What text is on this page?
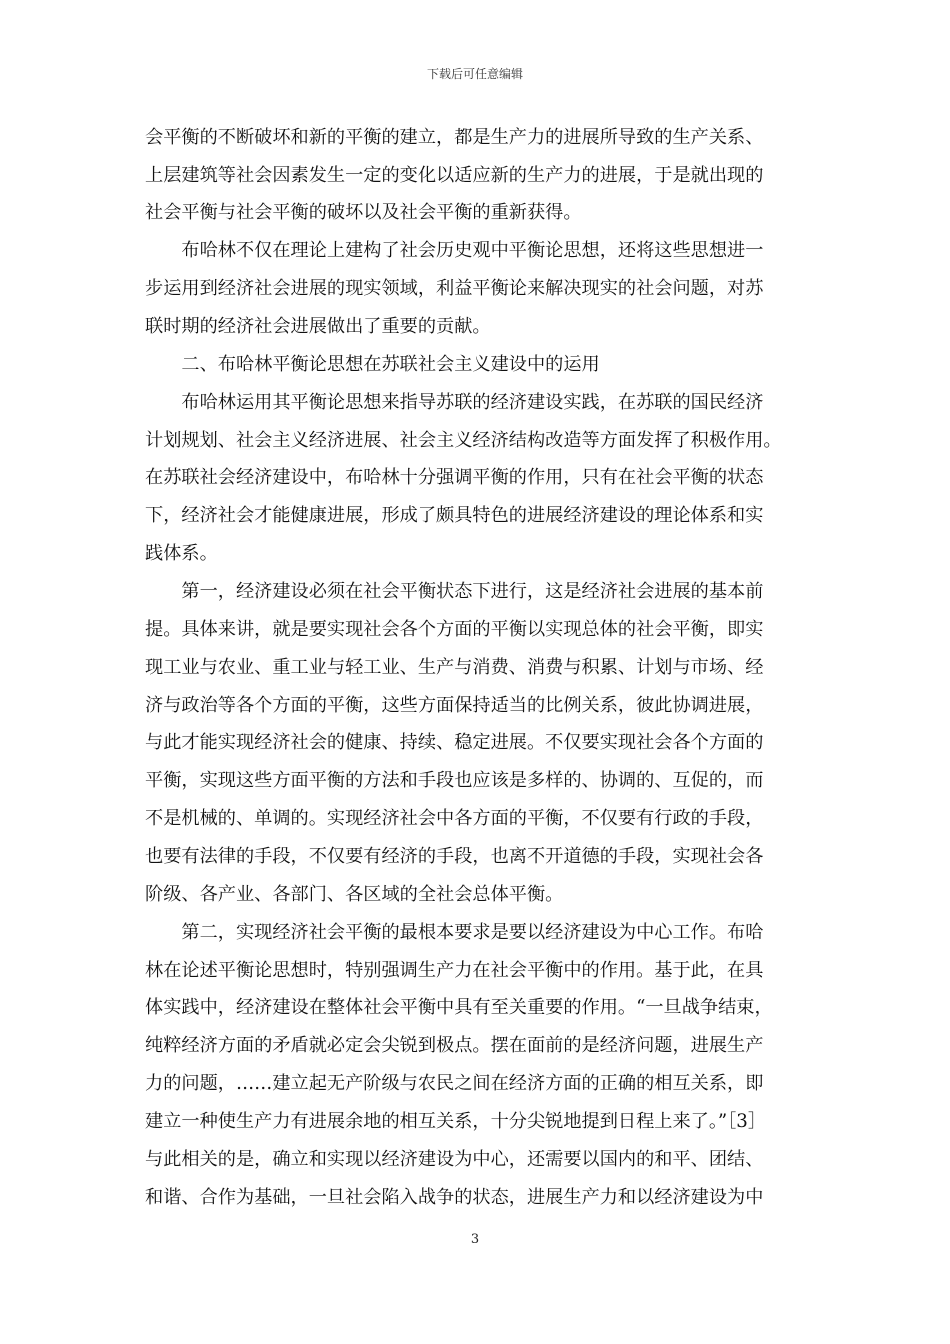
下载后可任意编辑
会平衡的不断破坏和新的平衡的建立，都是生产力的进展所导致的生产关系、
上层建筑等社会因素发生一定的变化以适应新的生产力的进展，于是就出现的
社会平衡与社会平衡的破坏以及社会平衡的重新获得。
　　布哈林不仅在理论上建构了社会历史观中平衡论思想，还将这些思想进一
步运用到经济社会进展的现实领域，利益平衡论来解决现实的社会问题，对苏
联时期的经济社会进展做出了重要的贡献。
　　二、布哈林平衡论思想在苏联社会主义建设中的运用
　　布哈林运用其平衡论思想来指导苏联的经济建设实践，在苏联的国民经济
计划规划、社会主义经济进展、社会主义经济结构改造等方面发挥了积极作用。
在苏联社会经济建设中，布哈林十分强调平衡的作用，只有在社会平衡的状态
下，经济社会才能健康进展，形成了颇具特色的进展经济建设的理论体系和实
践体系。
　　第一，经济建设必须在社会平衡状态下进行，这是经济社会进展的基本前
提。具体来讲，就是要实现社会各个方面的平衡以实现总体的社会平衡，即实
现工业与农业、重工业与轻工业、生产与消费、消费与积累、计划与市场、经
济与政治等各个方面的平衡，这些方面保持适当的比例关系，彼此协调进展，
与此才能实现经济社会的健康、持续、稳定进展。不仅要实现社会各个方面的
平衡，实现这些方面平衡的方法和手段也应该是多样的、协调的、互促的，而
不是机械的、单调的。实现经济社会中各方面的平衡，不仅要有行政的手段，
也要有法律的手段，不仅要有经济的手段，也离不开道德的手段，实现社会各
阶级、各产业、各部门、各区域的全社会总体平衡。
　　第二，实现经济社会平衡的最根本要求是要以经济建设为中心工作。布哈
林在论述平衡论思想时，特别强调生产力在社会平衡中的作用。基于此，在具
体实践中，经济建设在整体社会平衡中具有至关重要的作用。“一旦战争结束，
纯粹经济方面的矛盾就必定会尖锐到极点。摆在面前的是经济问题，进展生产
力的问题，……建立起无产阶级与农民之间在经济方面的正确的相互关系，即
建立一种使生产力有进展余地的相互关系，十分尖锐地提到日程上来了。”［3］
与此相关的是，确立和实现以经济建设为中心，还需要以国内的和平、团结、
和谐、合作为基础，一旦社会陷入战争的状态，进展生产力和以经济建设为中
3
